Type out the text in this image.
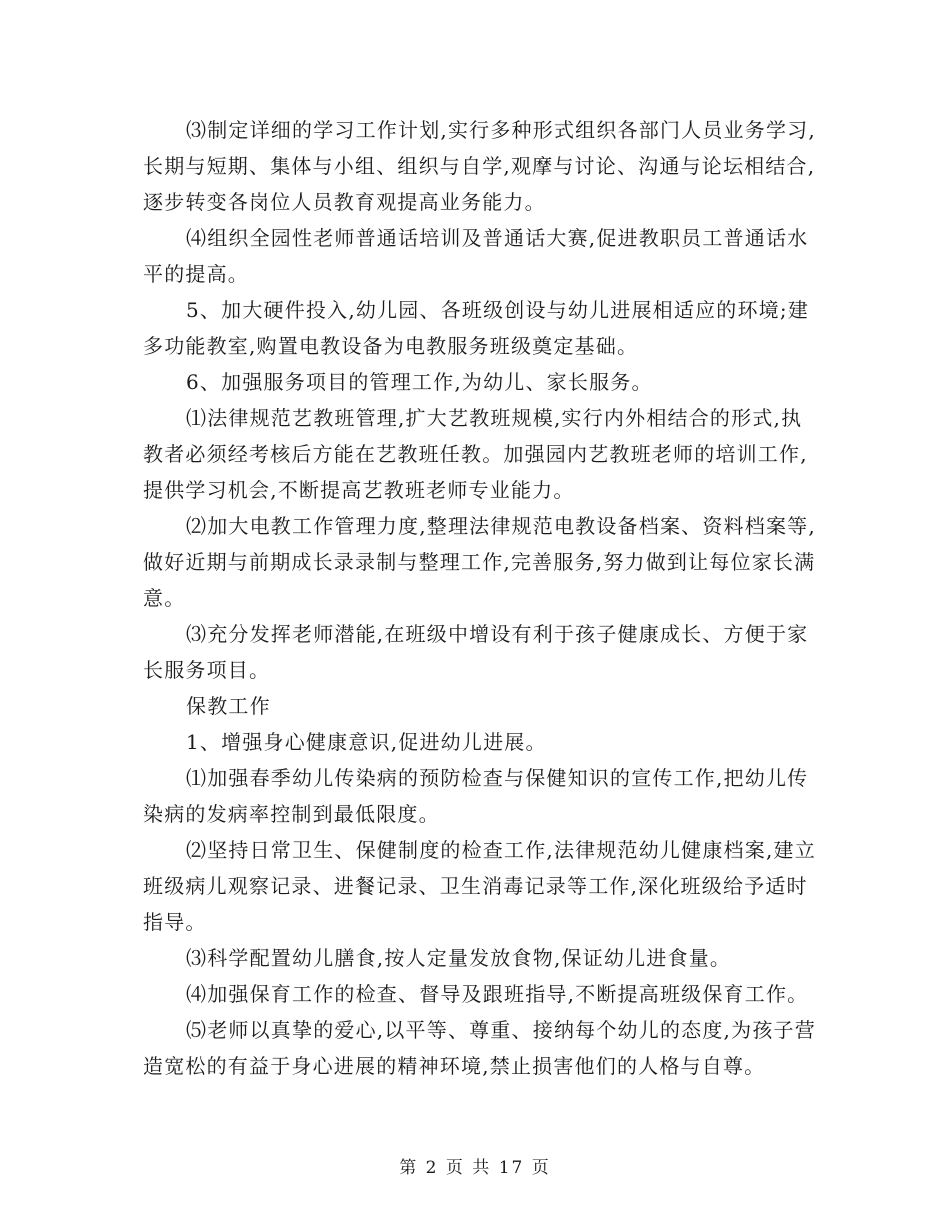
⑶制定详细的学习工作计划,实行多种形式组织各部门人员业务学习,长期与短期、集体与小组、组织与自学,观摩与讨论、沟通与论坛相结合,逐步转变各岗位人员教育观提高业务能力。

⑷组织全园性老师普通话培训及普通话大赛,促进教职员工普通话水平的提高。

5、加大硬件投入,幼儿园、各班级创设与幼儿进展相适应的环境;建多功能教室,购置电教设备为电教服务班级奠定基础。

6、加强服务项目的管理工作,为幼儿、家长服务。

⑴法律规范艺教班管理,扩大艺教班规模,实行内外相结合的形式,执教者必须经考核后方能在艺教班任教。加强园内艺教班老师的培训工作,提供学习机会,不断提高艺教班老师专业能力。

⑵加大电教工作管理力度,整理法律规范电教设备档案、资料档案等,做好近期与前期成长录录制与整理工作,完善服务,努力做到让每位家长满意。

⑶充分发挥老师潜能,在班级中增设有利于孩子健康成长、方便于家长服务项目。

保教工作

1、增强身心健康意识,促进幼儿进展。

⑴加强春季幼儿传染病的预防检查与保健知识的宣传工作,把幼儿传染病的发病率控制到最低限度。

⑵坚持日常卫生、保健制度的检查工作,法律规范幼儿健康档案,建立班级病儿观察记录、进餐记录、卫生消毒记录等工作,深化班级给予适时指导。

⑶科学配置幼儿膳食,按人定量发放食物,保证幼儿进食量。

⑷加强保育工作的检查、督导及跟班指导,不断提高班级保育工作。

⑸老师以真挚的爱心,以平等、尊重、接纳每个幼儿的态度,为孩子营造宽松的有益于身心进展的精神环境,禁止损害他们的人格与自尊。

第 2 页 共 17 页
